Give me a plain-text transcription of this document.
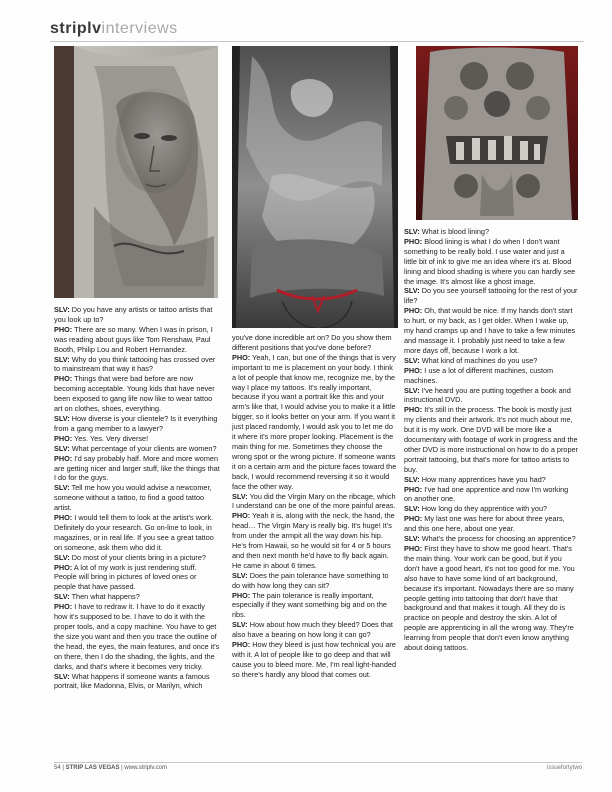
striplv interviews

SLV: Do you have any artists or tattoo artists that you look up to?

PHO: There are so many. When I was in prison, I was reading about guys like Tom Renshaw, Paul Booth, Philip Lou and Robert Hernandez.

SLV: Why do you think tattooing has crossed over to mainstream that way it has?

PHO: Things that were bad before are now becoming acceptable. Young kids that have never been exposed to gang life now like to wear tattoo art on clothes, shoes, everything.

SLV: How diverse is your clientele? Is it everything from a gang member to a lawyer?

PHO: Yes. Yes. Very diverse!

SLV: What percentage of your clients are women?

PHO: I'd say probably half. More and more women are getting nicer and larger stuff, like the things that I do for the guys.

SLV: Tell me how you would advise a newcomer, someone without a tattoo, to find a good tattoo artist.

PHO: I would tell them to look at the artist's work. Definitely do your research. Go on-line to look, in magazines, or in real life. If you see a great tattoo on someone, ask them who did it.

SLV: Do most of your clients bring in a picture?

PHO: A lot of my work is just rendering stuff. People will bring in pictures of loved ones or people that have passed.

SLV: Then what happens?

PHO: I have to redraw it. I have to do it exactly how it's supposed to be. I have to do it with the proper tools, and a copy machine. You have to get the size you want and then you trace the outline of the head, the eyes, the main features, and once it's on there, then I do the shading, the lights, and the darks, and that's where it becomes very tricky.

SLV: What happens if someone wants a famous portrait, like Madonna, Elvis, or Marilyn, which

you've done incredible art on? Do you show them different positions that you've done before?

PHO: Yeah, I can, but one of the things that is very important to me is placement on your body. I think a lot of people that know me, recognize me, by the way I place my tattoos. It's really important, because if you want a portrait like this and your arm's like that, I would advise you to make it a little bigger, so it looks better on your arm. If you want it just placed randomly, I would ask you to let me do it where it's more proper looking. Placement is the main thing for me. Sometimes they choose the wrong spot or the wrong picture. If someone wants it on a certain arm and the picture faces toward the back, I would recommend reversing it so it would face the other way.

SLV: You did the Virgin Mary on the ribcage, which I understand can be one of the more painful areas.

PHO: Yeah it is, along with the neck, the hand, the head… The Virgin Mary is really big. It's huge! It's from under the armpit all the way down his hip. He's from Hawaii, so he would sit for 4 or 5 hours and then next month he'd have to fly back again. He came in about 6 times.

SLV: Does the pain tolerance have something to do with how long they can sit?

PHO: The pain tolerance is really important, especially if they want something big and on the ribs.

SLV: How about how much they bleed? Does that also have a bearing on how long it can go?

PHO: How they bleed is just how technical you are with it. A lot of people like to go deep and that will cause you to bleed more. Me, I'm real light-handed so there's hardly any blood that comes out.

SLV: What is blood lining?

PHO: Blood lining is what I do when I don't want something to be really bold. I use water and just a little bit of ink to give me an idea where it's at. Blood lining and blood shading is where you can hardly see the image. It's almost like a ghost image.

SLV: Do you see yourself tattooing for the rest of your life?

PHO: Oh, that would be nice. If my hands don't start to hurt, or my back, as I get older. When I wake up, my hand cramps up and I have to take a few minutes and massage it. I probably just need to take a few more days off, because I work a lot.

SLV: What kind of machines do you use?

PHO: I use a lot of different machines, custom machines.

SLV: I've heard you are putting together a book and instructional DVD.

PHO: It's still in the process. The book is mostly just my clients and their artwork. It's not much about me, but it is my work. One DVD will be more like a documentary with footage of work in progress and the other DVD is more instructional on how to do a proper portrait tattooing, but that's more for tattoo artists to buy.

SLV: How many apprentices have you had?

PHO: I've had one apprentice and now I'm working on another one.

SLV: How long do they apprentice with you?

PHO: My last one was here for about three years, and this one here, about one year.

SLV: What's the process for choosing an apprentice?

PHO: First they have to show me good heart. That's the main thing. Your work can be good, but if you don't have a good heart, it's not too good for me. You also have to have some kind of art background, because it's important. Nowadays there are so many people getting into tattooing that don't have that background and that makes it tough. All they do is practice on people and destroy the skin. A lot of people are apprenticing in all the wrong way. They're learning from people that don't even know anything about doing tattoos.

54 | STRIP LAS VEGAS | www.striplv.com	issuefortytwo
